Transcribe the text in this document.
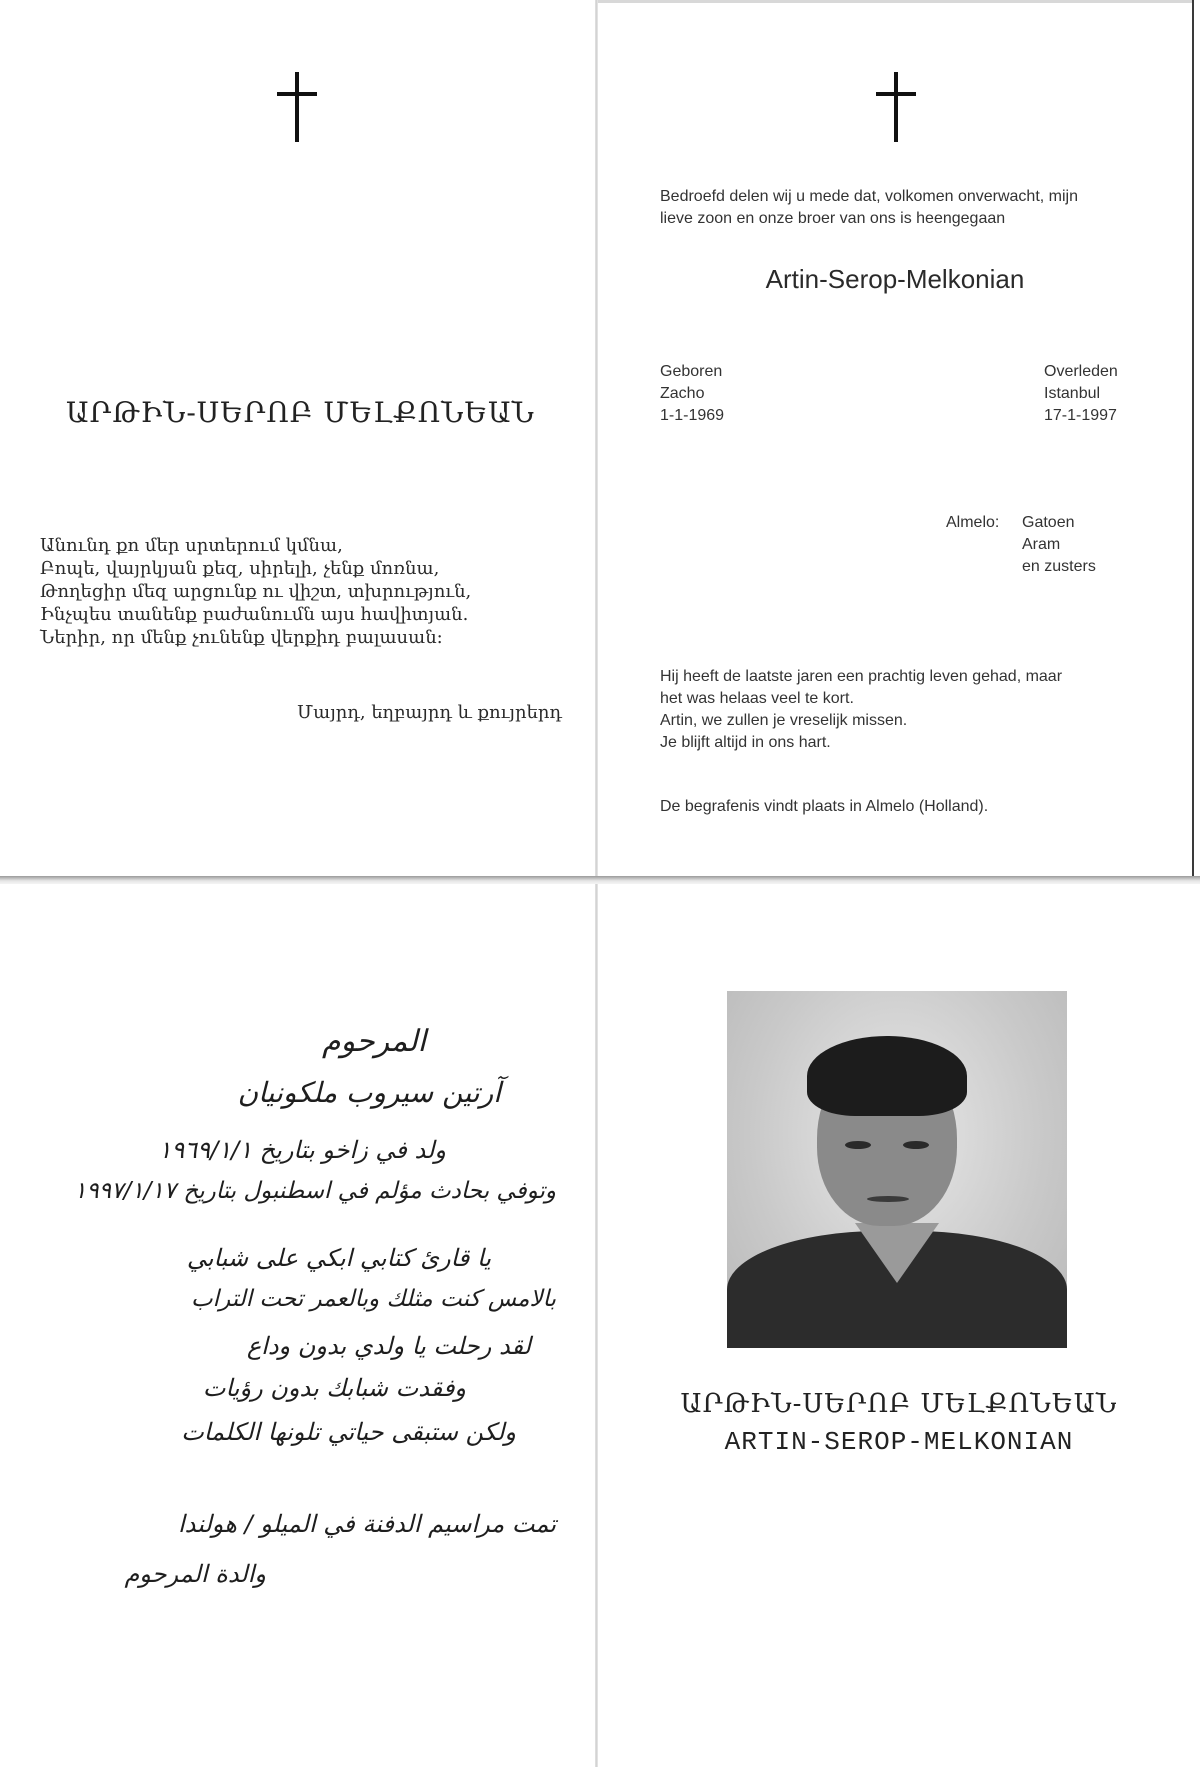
ԱՐԹԻՆ-ՍԵՐՈԲ ՄԵԼՔՈՆԵԱՆ
Անունդ քո մեր սրտերում կմնա,
Բոպե, վայրկյան քեզ, սիրելի, չենք մոռնա,
Թողեցիր մեզ արցունք ու վիշտ, տխրություն,
Ինչպես տանենք բաժանումն այս հավիտյան.
Ներիր, որ մենք չունենք վերքիդ բալասան:
Մայրդ, եղբայրդ և քույրերդ
Bedroefd delen wij u mede dat, volkomen onverwacht, mijn
lieve zoon en onze broer van ons is heengegaan
Artin-Serop-Melkonian
Geboren
Zacho
1-1-1969
Overleden
Istanbul
17-1-1997
Almelo: Gatoen
Aram
en zusters
Hij heeft de laatste jaren een prachtig leven gehad, maar
het was helaas veel te kort.
Artin, we zullen je vreselijk missen.
Je blijft altijd in ons hart.
De begrafenis vindt plaats in Almelo (Holland).
المرحوم
آرتين سيروب ملكونيان
ولد في زاخو بتاريخ ١٩٦٩/١/١
وتوفي بحادث مؤلم في اسطنبول بتاريخ ١٩٩٧/١/١٧
يا قارئ كتابي ابكي على شبابي
بالامس كنت مثلك وبالعمر تحت التراب
لقد رحلت يا ولدي بدون وداع
وفقدت شبابك بدون رؤيات
ولكن ستبقى حياتي تلونها الكلمات
تمت مراسيم الدفنة في الميلو / هولندا
والدة المرحوم
ԱՐԹԻՆ-ՍԵՐՈԲ ՄԵԼՔՈՆԵԱՆ
ARTIN-SEROP-MELKONIAN
